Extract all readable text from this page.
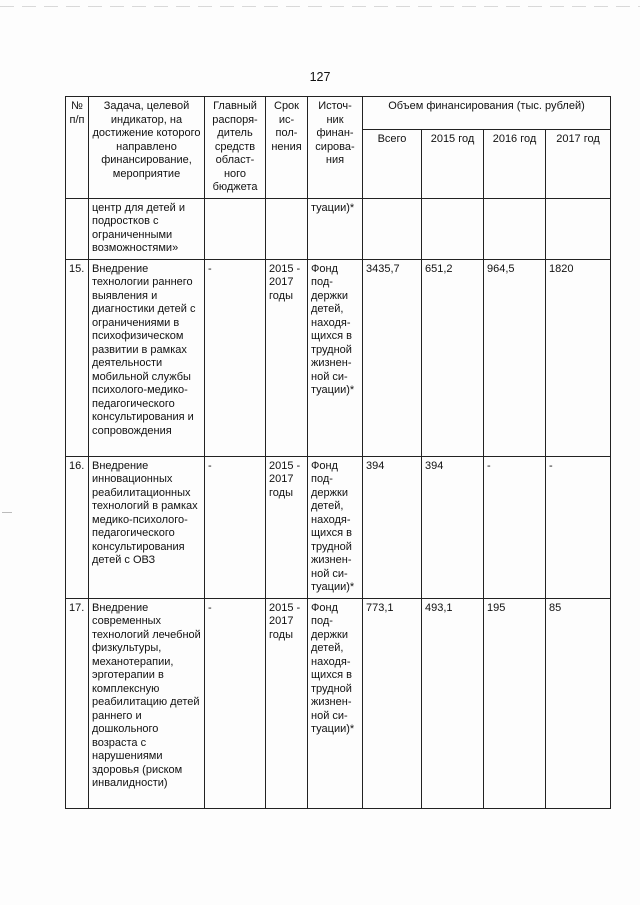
127
№ п/п	Задача, целевой индикатор, на достижение которого направлено финансирование, мероприятие	Главный распоря-дитель средств област-ного бюджета	Срок ис-пол-нения	Источ-ник финан-сирова-ния	Объем финансирования (тыс. рублей)			
					Всего	2015 год	2016 год	2017 год
	центр для детей и подростков с ограниченными возможностями»			туации)*				
15.	Внедрение технологии раннего выявления и диагностики детей с ограничениями в психофизическом развитии в рамках деятельности мобильной службы психолого-медико-педагогического консультирования и сопровождения	-	2015 - 2017 годы	Фонд под-держки детей, находя-щихся в трудной жизнен-ной си-туации)*	3435,7	651,2	964,5	1820
16.	Внедрение инновационных реабилитационных технологий в рамках медико-психолого-педагогического консультирования детей с ОВЗ	-	2015 - 2017 годы	Фонд под-держки детей, находя-щихся в трудной жизнен-ной си-туации)*	394	394	-	-
17.	Внедрение современных технологий лечебной физкультуры, механотерапии, эрготерапии в комплексную реабилитацию детей раннего и дошкольного возраста с нарушениями здоровья (риском инвалидности)	-	2015 - 2017 годы	Фонд под-держки детей, находя-щихся в трудной жизнен-ной си-туации)*	773,1	493,1	195	85
